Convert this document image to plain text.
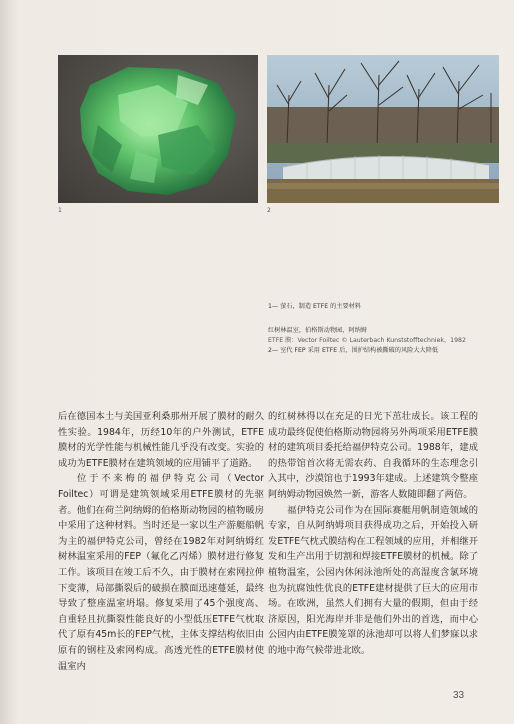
1	2
1— 萤石，制造 ETFE 的主要材料
红树林温室，伯格斯动物园，阿纳姆
ETFE 膜：Vector Foiltec © Lauterbach Kunststofftechniek，1982
2— 室代 FEP 采用 ETFE 后，围护结构被撕破的风险大大降低

后在德国本土与美国亚利桑那州开展了膜材的耐久性实验。1984年，历经10年的户外测试，ETFE膜材的光学性能与机械性能几乎没有改变。实验的成功为ETFE膜材在建筑领域的应用铺平了道路。

位于不来梅的福伊特克公司（Vector Foiltec）可谓是建筑领域采用ETFE膜材的先驱者。他们在荷兰阿纳姆的伯格斯动物园的植物暖房中采用了这种材料。当时还是一家以生产游艇船帆为主的福伊特克公司，曾经在1982年对阿纳姆红树林温室采用的FEP（氟化乙丙烯）膜材进行修复工作。该项目在竣工后不久，由于膜材在索网拉伸下变薄，局部撕裂后的破损在膜面迅速蔓延，最终导致了整座温室坍塌。修复采用了45个强度高、自重轻且抗撕裂性能良好的小型低压ETFE气枕取代了原有45m长的FEP气枕，主体支撑结构依旧由原有的钢柱及索网构成。高透光性的ETFE膜材使温室内

的红树林得以在充足的日光下茁壮成长。该工程的成功最终促使伯格斯动物园将另外两项采用ETFE膜材的建筑项目委托给福伊特克公司。1988年，建成的热带馆首次将无需农药、自我循环的生态理念引入其中，沙漠馆也于1993年建成。上述建筑令整座阿纳姆动物园焕然一新，游客人数随即翻了两倍。

福伊特克公司作为在国际赛艇用帆制造领域的专家，自从阿纳姆项目获得成功之后，开始投入研发ETFE气枕式膜结构在工程领域的应用，并相继开发和生产出用于切割和焊接ETFE膜材的机械。除了植物温室，公园内休闲泳池所处的高湿度含氯环境也为抗腐蚀性优良的ETFE建材提供了巨大的应用市场。在欧洲，虽然人们拥有大量的假期，但由于经济原因，阳光海岸并非是他们外出的首选，而中心公园内由ETFE膜笼罩的泳池却可以将人们梦寐以求的地中海气候带进北欧。

33
